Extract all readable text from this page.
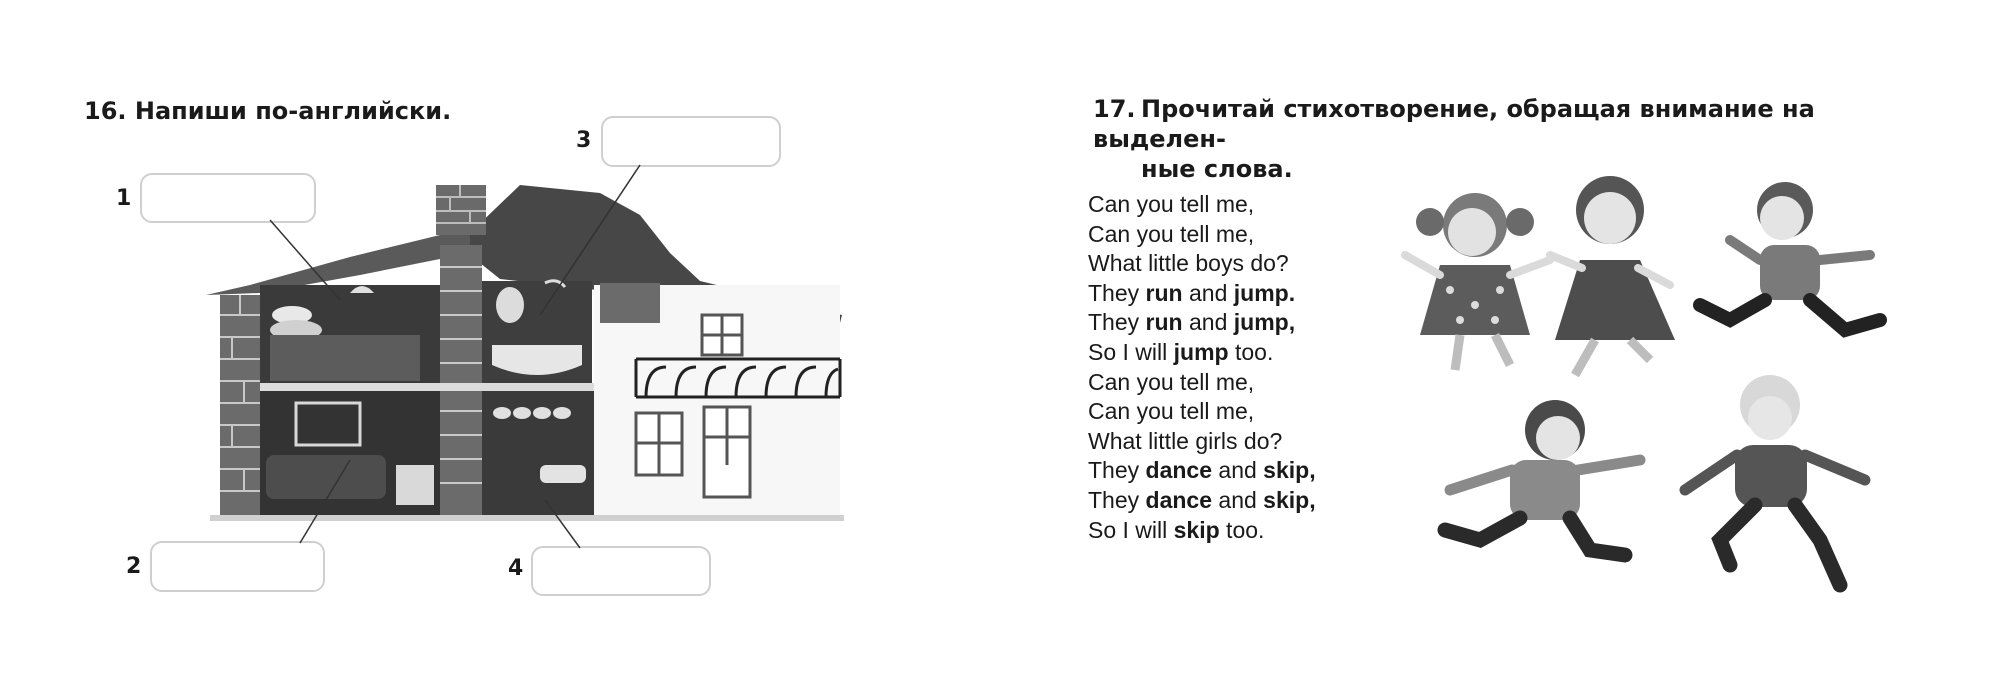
16. Напиши по-английски.
1
3
2	4
17. Прочитай стихотворение, обращая внимание на выделен-
ные слова.
Can you tell me,
Can you tell me,
What little boys do?
They run and jump.
They run and jump,
So I will jump too.
Can you tell me,
Can you tell me,
What little girls do?
They dance and skip,
They dance and skip,
So I will skip too.
